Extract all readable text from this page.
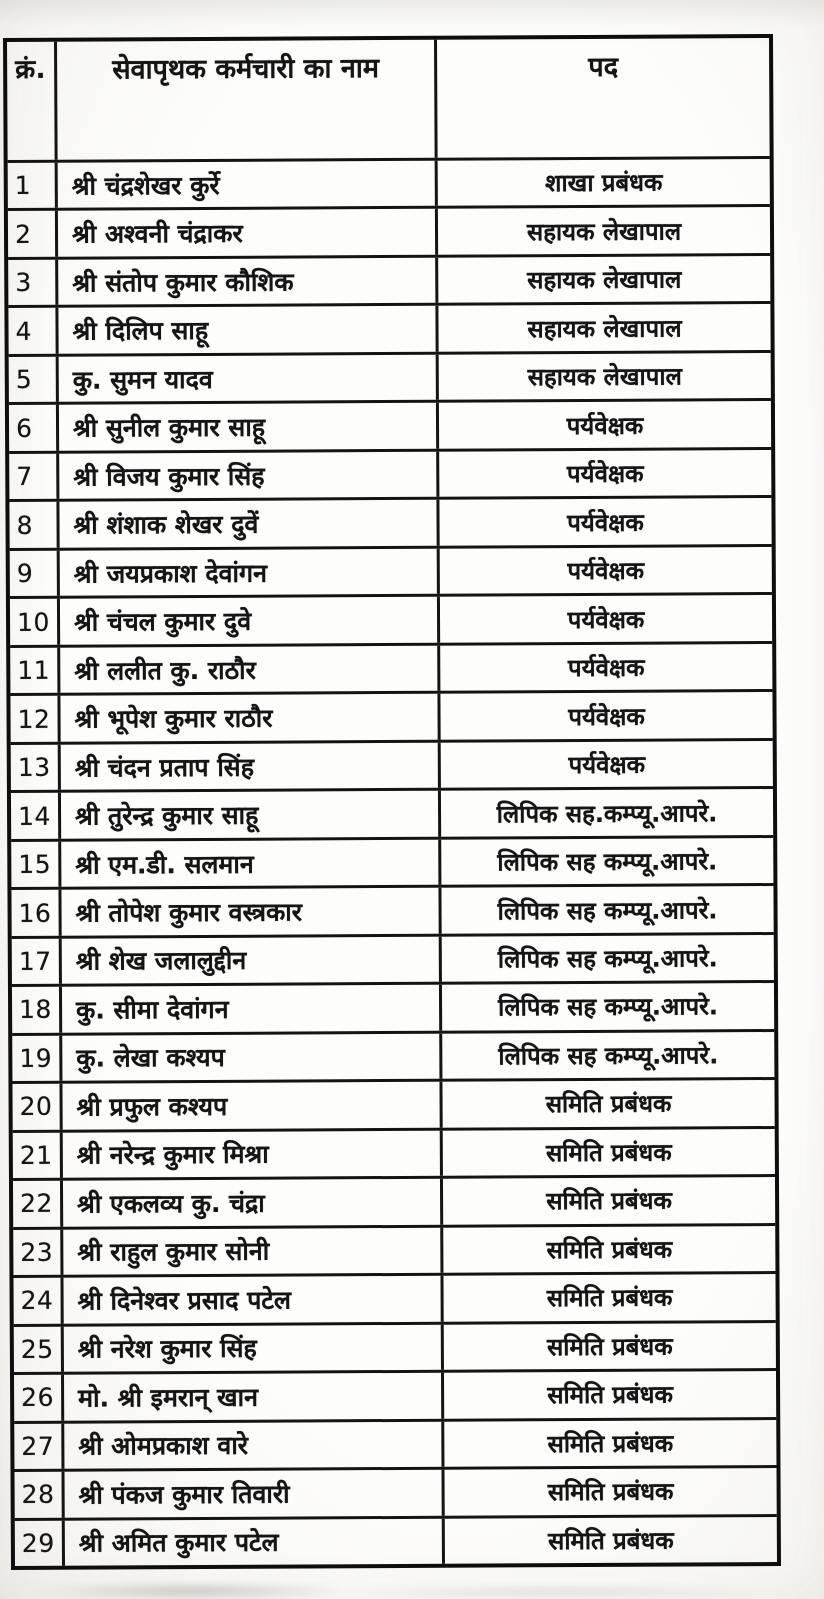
क्रं.	सेवापृथक कर्मचारी का नाम	पद
1	श्री चंद्रशेखर कुर्रे	शाखा प्रबंधक
2	श्री अश्वनी चंद्राकर	सहायक लेखापाल
3	श्री संतोप कुमार कौशिक	सहायक लेखापाल
4	श्री दिलिप साहू	सहायक लेखापाल
5	कु. सुमन यादव	सहायक लेखापाल
6	श्री सुनील कुमार साहू	पर्यवेक्षक
7	श्री विजय कुमार सिंह	पर्यवेक्षक
8	श्री शंशाक शेखर दुवें	पर्यवेक्षक
9	श्री जयप्रकाश देवांगन	पर्यवेक्षक
10 श्री चंचल कुमार दुवे	पर्यवेक्षक
11 श्री ललीत कु. राठौर	पर्यवेक्षक
12 श्री भूपेश कुमार राठौर	पर्यवेक्षक
13 श्री चंदन प्रताप सिंह	पर्यवेक्षक
14 श्री तुरेन्द्र कुमार साहू	लिपिक सह.कम्प्यू.आपरे.
15 श्री एम.डी. सलमान	लिपिक सह कम्प्यू.आपरे.
16 श्री तोपेश कुमार वस्त्रकार	लिपिक सह कम्प्यू.आपरे.
17 श्री शेख जलालुद्दीन	लिपिक सह कम्प्यू.आपरे.
18 कु. सीमा देवांगन	लिपिक सह कम्प्यू.आपरे.
19 कु. लेखा कश्यप	लिपिक सह कम्प्यू.आपरे.
20 श्री प्रफुल कश्यप	समिति प्रबंधक
21 श्री नरेन्द्र कुमार मिश्रा	समिति प्रबंधक
22 श्री एकलव्य कु. चंद्रा	समिति प्रबंधक
23 श्री राहुल कुमार सोनी	समिति प्रबंधक
24 श्री दिनेश्वर प्रसाद पटेल	समिति प्रबंधक
25 श्री नरेश कुमार सिंह	समिति प्रबंधक
26 मो. श्री इमरान् खान	समिति प्रबंधक
27 श्री ओमप्रकाश वारे	समिति प्रबंधक
28 श्री पंकज कुमार तिवारी	समिति प्रबंधक
29 श्री अमित कुमार पटेल	समिति प्रबंधक
